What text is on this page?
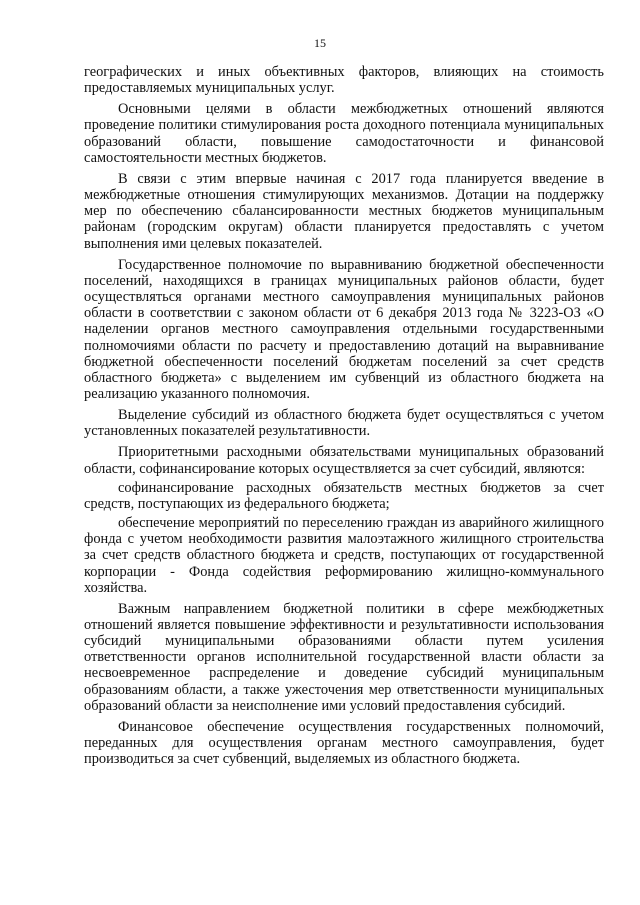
15

географических и иных объективных факторов, влияющих на стоимость предоставляемых муниципальных услуг.

Основными целями в области межбюджетных отношений являются проведение политики стимулирования роста доходного потенциала муниципальных образований области, повышение самодостаточности и финансовой самостоятельности местных бюджетов.

В связи с этим впервые начиная с 2017 года планируется введение в межбюджетные отношения стимулирующих механизмов. Дотации на поддержку мер по обеспечению сбалансированности местных бюджетов муниципальным районам (городским округам) области планируется предоставлять с учетом выполнения ими целевых показателей.

Государственное полномочие по выравниванию бюджетной обеспеченности поселений, находящихся в границах муниципальных районов области, будет осуществляться органами местного самоуправления муниципальных районов области в соответствии с законом области от 6 декабря 2013 года № 3223-ОЗ «О наделении органов местного самоуправления отдельными государственными полномочиями области по расчету и предоставлению дотаций на выравнивание бюджетной обеспеченности поселений бюджетам поселений за счет средств областного бюджета» с выделением им субвенций из областного бюджета на реализацию указанного полномочия.

Выделение субсидий из областного бюджета будет осуществляться с учетом установленных показателей результативности.

Приоритетными расходными обязательствами муниципальных образований области, софинансирование которых осуществляется за счет субсидий, являются:

софинансирование расходных обязательств местных бюджетов за счет средств, поступающих из федерального бюджета;

обеспечение мероприятий по переселению граждан из аварийного жилищного фонда с учетом необходимости развития малоэтажного жилищного строительства за счет средств областного бюджета и средств, поступающих от государственной корпорации - Фонда содействия реформированию жилищно-коммунального хозяйства.

Важным направлением бюджетной политики в сфере межбюджетных отношений является повышение эффективности и результативности использования субсидий муниципальными образованиями области путем усиления ответственности органов исполнительной государственной власти области за несвоевременное распределение и доведение субсидий муниципальным образованиям области, а также ужесточения мер ответственности муниципальных образований области за неисполнение ими условий предоставления субсидий.

Финансовое обеспечение осуществления государственных полномочий, переданных для осуществления органам местного самоуправления, будет производиться за счет субвенций, выделяемых из областного бюджета.
